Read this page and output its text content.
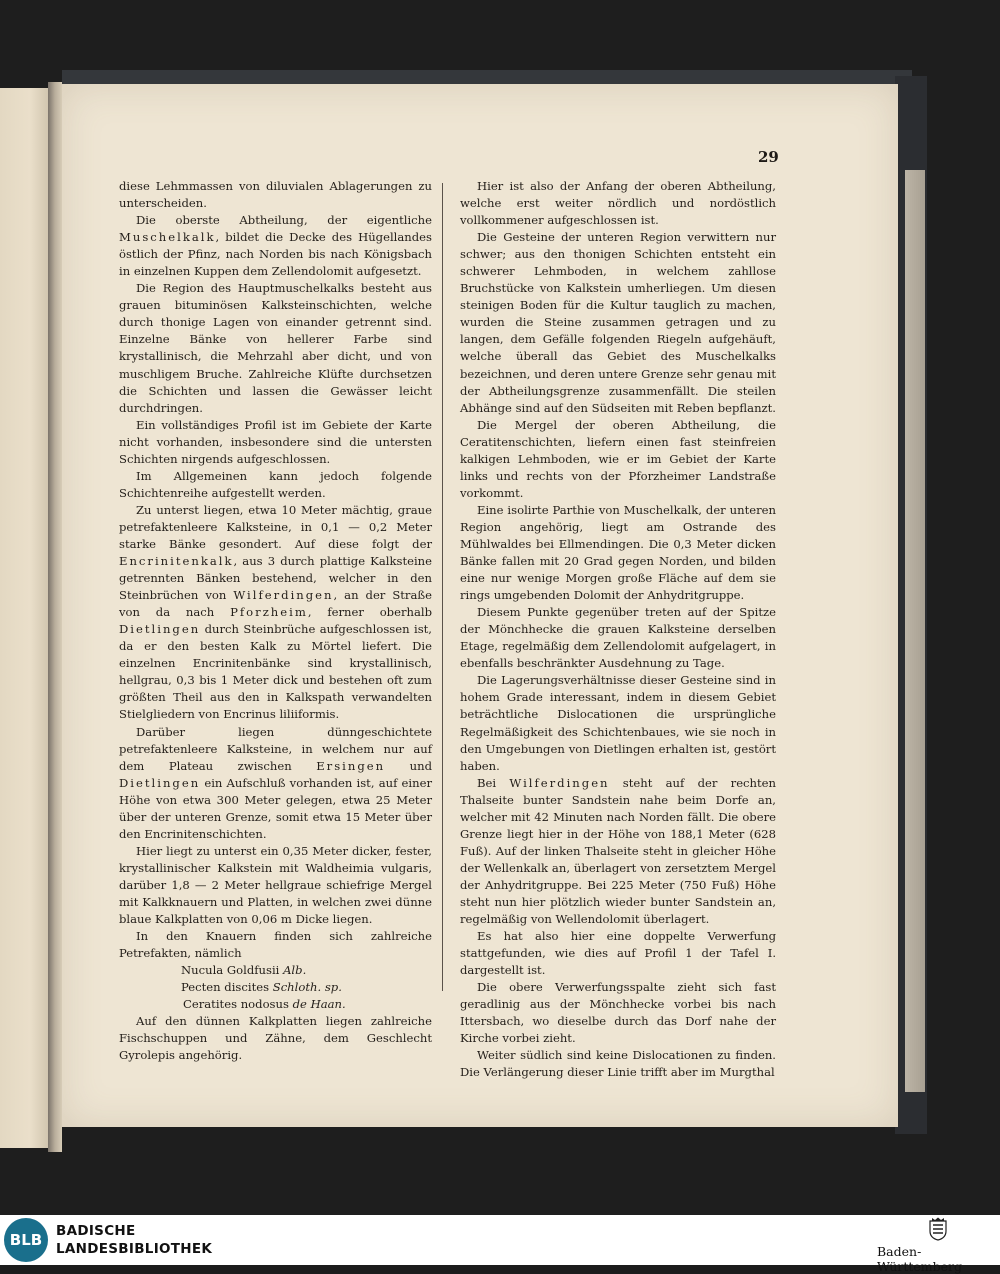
29

diese Lehmmassen von diluvialen Ablagerungen zu unterscheiden.

Die oberste Abtheilung, der eigentliche Muschelkalk, bildet die Decke des Hügellandes östlich der Pfinz, nach Norden bis nach Königsbach in einzelnen Kuppen dem Zellendolomit aufgesetzt.

Die Region des Hauptmuschelkalks besteht aus grauen bituminösen Kalksteinschichten, welche durch thonige Lagen von einander getrennt sind. Einzelne Bänke von hellerer Farbe sind krystallinisch, die Mehrzahl aber dicht, und von muschligem Bruche. Zahlreiche Klüfte durchsetzen die Schichten und lassen die Gewässer leicht durchdringen.

Ein vollständiges Profil ist im Gebiete der Karte nicht vorhanden, insbesondere sind die untersten Schichten nirgends aufgeschlossen.

Im Allgemeinen kann jedoch folgende Schichtenreihe aufgestellt werden.

Zu unterst liegen, etwa 10 Meter mächtig, graue petrefaktenleere Kalksteine, in 0,1 — 0,2 Meter starke Bänke gesondert. Auf diese folgt der Encrinitenkalk, aus 3 durch plattige Kalksteine getrennten Bänken bestehend, welcher in den Steinbrüchen von Wilferdingen, an der Straße von da nach Pforzheim, ferner oberhalb Dietlingen durch Steinbrüche aufgeschlossen ist, da er den besten Kalk zu Mörtel liefert. Die einzelnen Encrinitenbänke sind krystallinisch, hellgrau, 0,3 bis 1 Meter dick und bestehen oft zum größten Theil aus den in Kalkspath verwandelten Stielgliedern von Encrinus liliiformis.

Darüber liegen dünngeschichtete petrefaktenleere Kalksteine, in welchem nur auf dem Plateau zwischen Ersingen und Dietlingen ein Aufschluß vorhanden ist, auf einer Höhe von etwa 300 Meter gelegen, etwa 25 Meter über der unteren Grenze, somit etwa 15 Meter über den Encrinitenschichten.

Hier liegt zu unterst ein 0,35 Meter dicker, fester, krystallinischer Kalkstein mit Waldheimia vulgaris, darüber 1,8 — 2 Meter hellgraue schiefrige Mergel mit Kalkknauern und Platten, in welchen zwei dünne blaue Kalkplatten von 0,06 m Dicke liegen.

In den Knauern finden sich zahlreiche Petrefakten, nämlich

Nucula Goldfusii Alb.

Pecten discites Schloth. sp.

Ceratites nodosus de Haan.

Auf den dünnen Kalkplatten liegen zahlreiche Fischschuppen und Zähne, dem Geschlecht Gyrolepis angehörig.

Hier ist also der Anfang der oberen Abtheilung, welche erst weiter nördlich und nordöstlich vollkommener aufgeschlossen ist.

Die Gesteine der unteren Region verwittern nur schwer; aus den thonigen Schichten entsteht ein schwerer Lehmboden, in welchem zahllose Bruchstücke von Kalkstein umherliegen. Um diesen steinigen Boden für die Kultur tauglich zu machen, wurden die Steine zusammen getragen und zu langen, dem Gefälle folgenden Riegeln aufgehäuft, welche überall das Gebiet des Muschelkalks bezeichnen, und deren untere Grenze sehr genau mit der Abtheilungsgrenze zusammenfällt. Die steilen Abhänge sind auf den Südseiten mit Reben bepflanzt.

Die Mergel der oberen Abtheilung, die Ceratitenschichten, liefern einen fast steinfreien kalkigen Lehmboden, wie er im Gebiet der Karte links und rechts von der Pforzheimer Landstraße vorkommt.

Eine isolirte Parthie von Muschelkalk, der unteren Region angehörig, liegt am Ostrande des Mühlwaldes bei Ellmendingen. Die 0,3 Meter dicken Bänke fallen mit 20 Grad gegen Norden, und bilden eine nur wenige Morgen große Fläche auf dem sie rings umgebenden Dolomit der Anhydritgruppe.

Diesem Punkte gegenüber treten auf der Spitze der Mönchhecke die grauen Kalksteine derselben Etage, regelmäßig dem Zellendolomit aufgelagert, in ebenfalls beschränkter Ausdehnung zu Tage.

Die Lagerungsverhältnisse dieser Gesteine sind in hohem Grade interessant, indem in diesem Gebiet beträchtliche Dislocationen die ursprüngliche Regelmäßigkeit des Schichtenbaues, wie sie noch in den Umgebungen von Dietlingen erhalten ist, gestört haben.

Bei Wilferdingen steht auf der rechten Thalseite bunter Sandstein nahe beim Dorfe an, welcher mit 42 Minuten nach Norden fällt. Die obere Grenze liegt hier in der Höhe von 188,1 Meter (628 Fuß). Auf der linken Thalseite steht in gleicher Höhe der Wellenkalk an, überlagert von zersetztem Mergel der Anhydritgruppe. Bei 225 Meter (750 Fuß) Höhe steht nun hier plötzlich wieder bunter Sandstein an, regelmäßig von Wellendolomit überlagert.

Es hat also hier eine doppelte Verwerfung stattgefunden, wie dies auf Profil 1 der Tafel I. dargestellt ist.

Die obere Verwerfungsspalte zieht sich fast geradlinig aus der Mönchhecke vorbei bis nach Ittersbach, wo dieselbe durch das Dorf nahe der Kirche vorbei zieht.

Weiter südlich sind keine Dislocationen zu finden. Die Verlängerung dieser Linie trifft aber im Murgthal

BLB BADISCHE
LANDESBIBLIOTHEK	Baden-Württemberg
